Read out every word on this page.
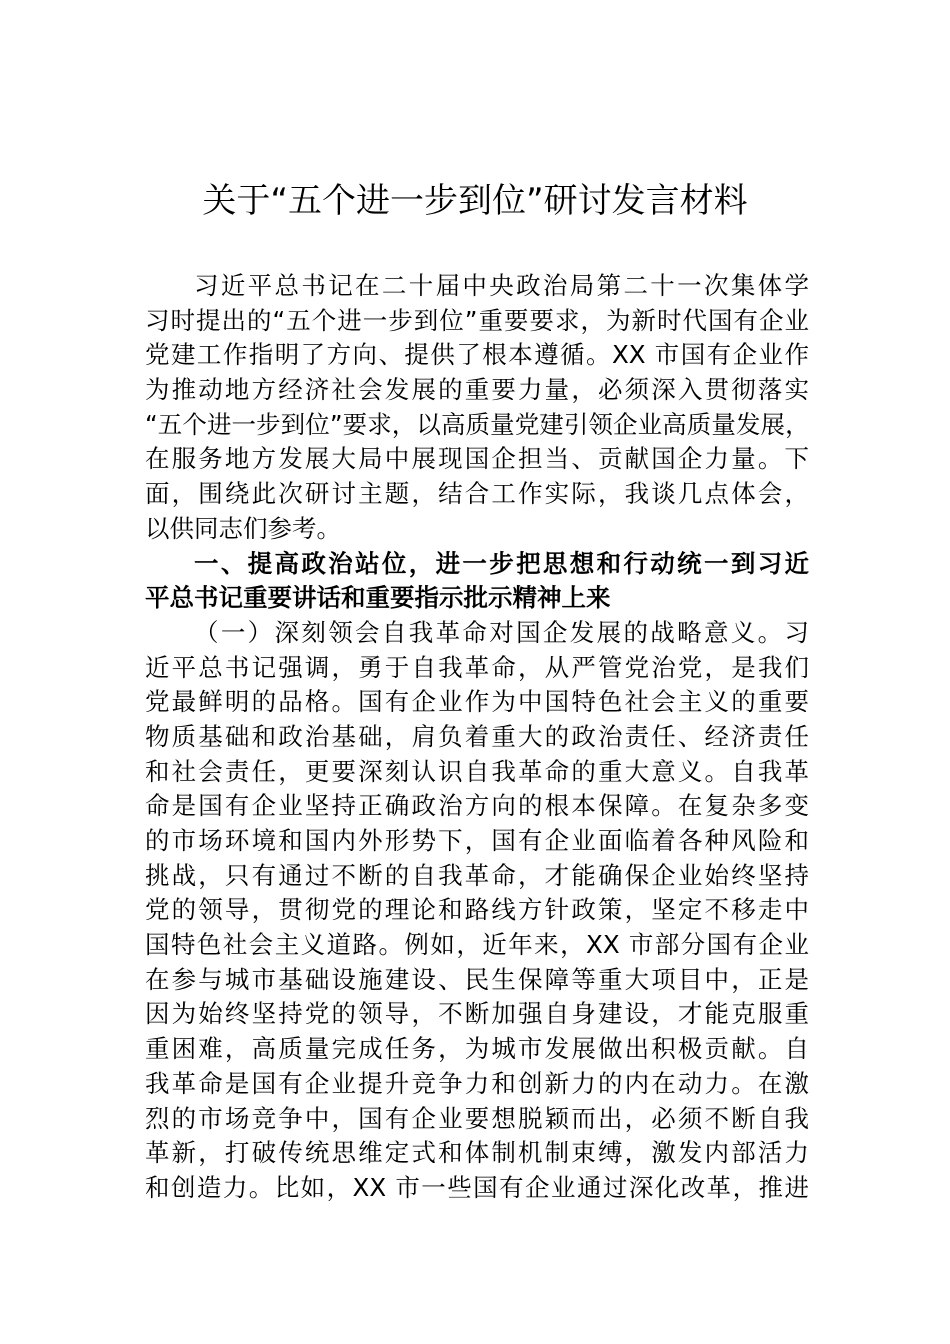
关于“五个进一步到位”研讨发言材料
习近平总书记在二十届中央政治局第二十一次集体学
习时提出的“五个进一步到位”重要要求，为新时代国有企业
党建工作指明了方向、提供了根本遵循。XX 市国有企业作
为推动地方经济社会发展的重要力量，必须深入贯彻落实
“五个进一步到位”要求，以高质量党建引领企业高质量发展，
在服务地方发展大局中展现国企担当、贡献国企力量。下
面，围绕此次研讨主题，结合工作实际，我谈几点体会，
以供同志们参考。
一、提高政治站位，进一步把思想和行动统一到习近
平总书记重要讲话和重要指示批示精神上来
（一）深刻领会自我革命对国企发展的战略意义。习
近平总书记强调，勇于自我革命，从严管党治党，是我们
党最鲜明的品格。国有企业作为中国特色社会主义的重要
物质基础和政治基础，肩负着重大的政治责任、经济责任
和社会责任，更要深刻认识自我革命的重大意义。自我革
命是国有企业坚持正确政治方向的根本保障。在复杂多变
的市场环境和国内外形势下，国有企业面临着各种风险和
挑战，只有通过不断的自我革命，才能确保企业始终坚持
党的领导，贯彻党的理论和路线方针政策，坚定不移走中
国特色社会主义道路。例如，近年来，XX 市部分国有企业
在参与城市基础设施建设、民生保障等重大项目中，正是
因为始终坚持党的领导，不断加强自身建设，才能克服重
重困难，高质量完成任务，为城市发展做出积极贡献。自
我革命是国有企业提升竞争力和创新力的内在动力。在激
烈的市场竞争中，国有企业要想脱颖而出，必须不断自我
革新，打破传统思维定式和体制机制束缚，激发内部活力
和创造力。比如，XX 市一些国有企业通过深化改革，推进
